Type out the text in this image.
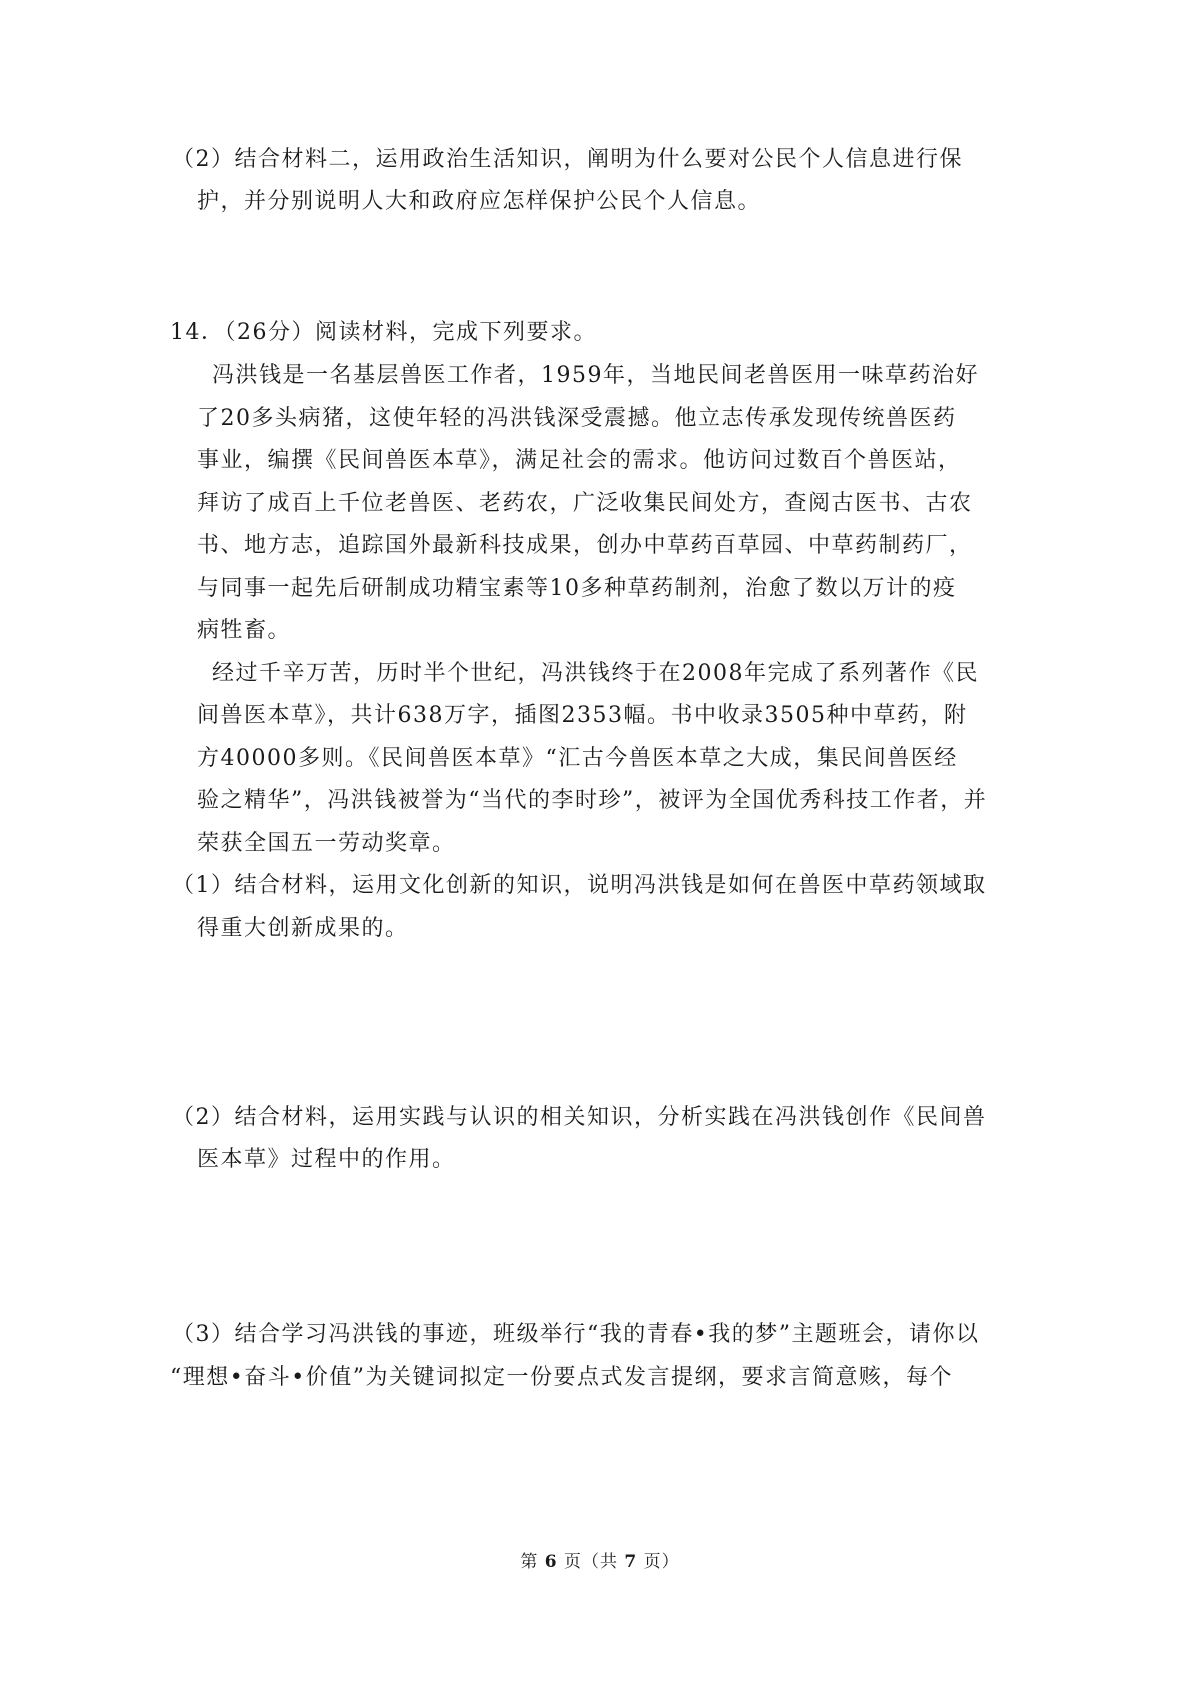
（2）结合材料二，运用政治生活知识，阐明为什么要对公民个人信息进行保
护，并分别说明人大和政府应怎样保护公民个人信息。
14．（26分）阅读材料，完成下列要求。
冯洪钱是一名基层兽医工作者，1959年，当地民间老兽医用一味草药治好
了20多头病猪，这使年轻的冯洪钱深受震撼。他立志传承发现传统兽医药
事业，编撰《民间兽医本草》，满足社会的需求。他访问过数百个兽医站，
拜访了成百上千位老兽医、老药农，广泛收集民间处方，查阅古医书、古农
书、地方志，追踪国外最新科技成果，创办中草药百草园、中草药制药厂，
与同事一起先后研制成功精宝素等10多种草药制剂，治愈了数以万计的疫
病牲畜。
经过千辛万苦，历时半个世纪，冯洪钱终于在2008年完成了系列著作《民
间兽医本草》，共计638万字，插图2353幅。书中收录3505种中草药，附
方40000多则。《民间兽医本草》“汇古今兽医本草之大成，集民间兽医经
验之精华”，冯洪钱被誉为“当代的李时珍”，被评为全国优秀科技工作者，并
荣获全国五一劳动奖章。
（1）结合材料，运用文化创新的知识，说明冯洪钱是如何在兽医中草药领域取
得重大创新成果的。
（2）结合材料，运用实践与认识的相关知识，分析实践在冯洪钱创作《民间兽
医本草》过程中的作用。
（3）结合学习冯洪钱的事迹，班级举行“我的青春•我的梦”主题班会，请你以
“理想•奋斗•价值”为关键词拟定一份要点式发言提纲，要求言简意赅，每个
第 6 页（共 7 页）
